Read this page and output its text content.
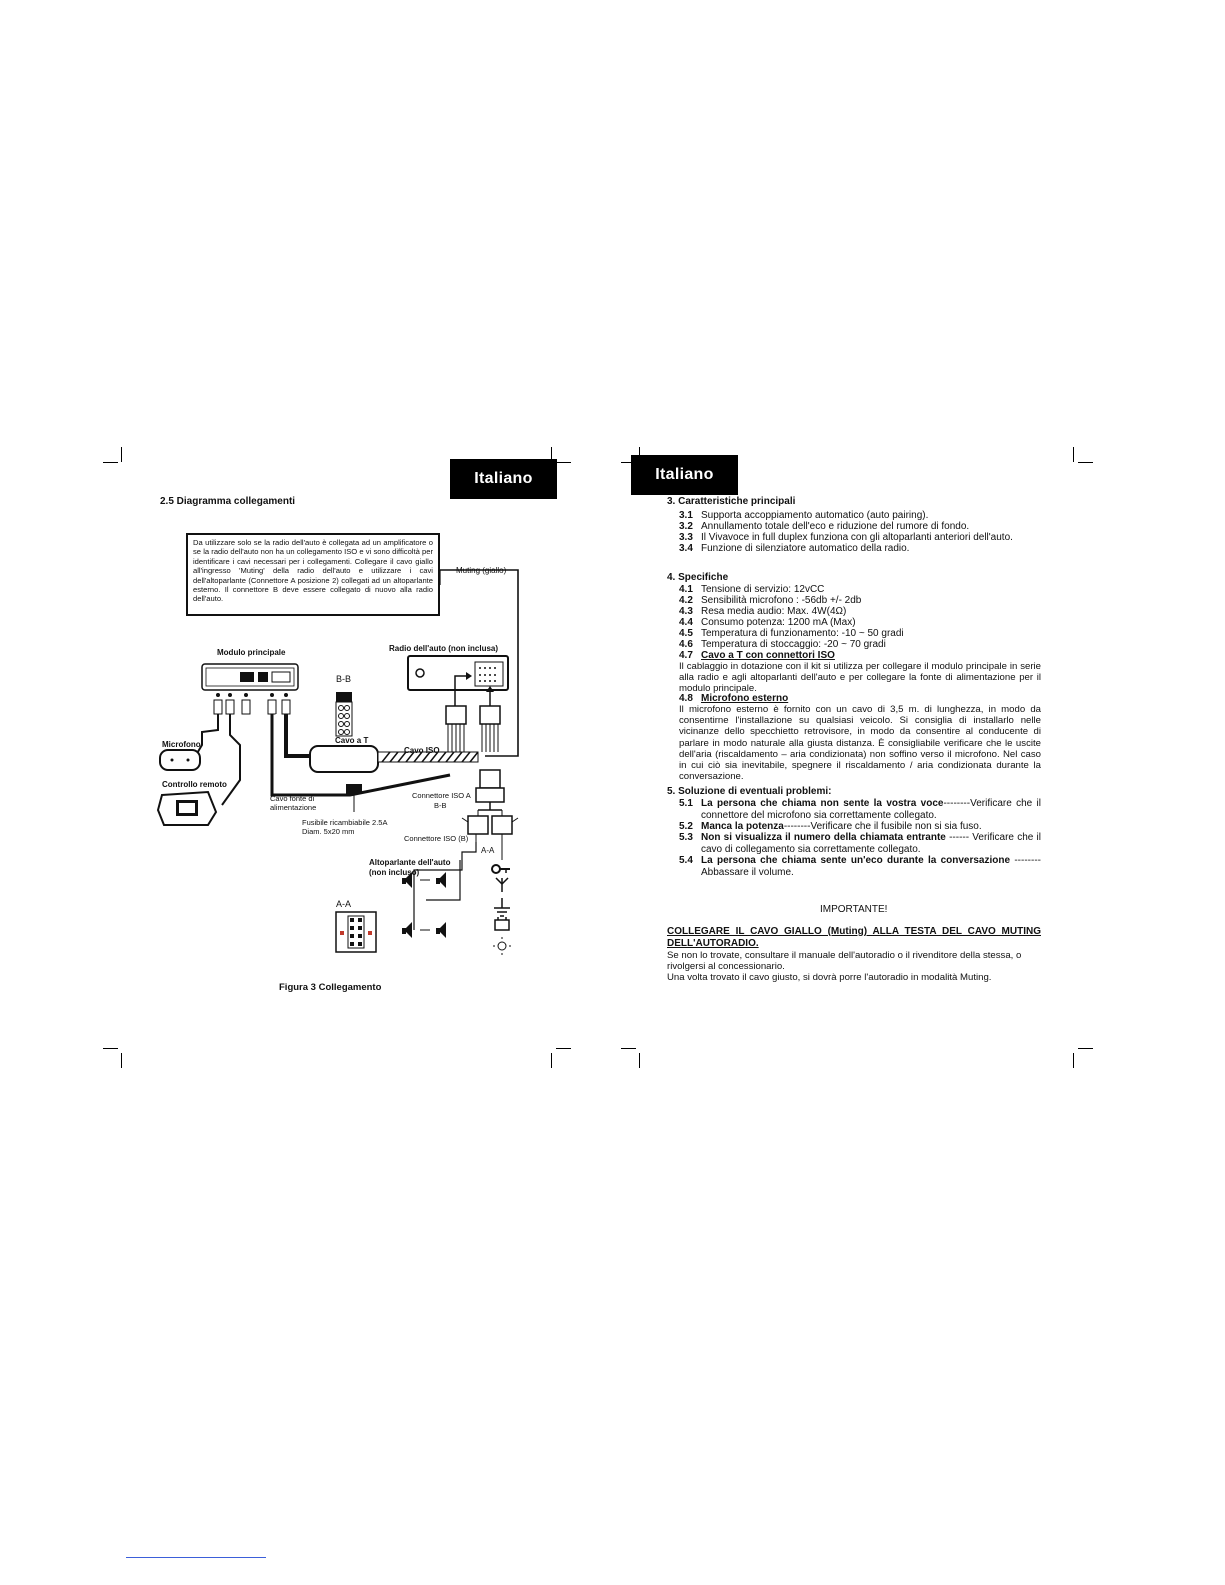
Italiano
2.5 Diagramma collegamenti
Da utilizzare solo se la radio dell'auto è collegata ad un amplificatore o se la radio dell'auto non ha un collegamento ISO e vi sono difficoltà per identificare i cavi necessari per i collegamenti. Collegare il cavo giallo all'ingresso 'Muting' della radio dell'auto e utilizzare i cavi dell'altoparlante (Connettore A posizione 2) collegati ad un altoparlante esterno. Il connettore B deve essere collegato di nuovo alla radio dell'auto.
Muting (giallo)
Modulo principale	Radio dell'auto (non inclusa)
B-B
Microfono	Cavo a T
Cavo ISO
Controllo remoto
Cavo fonte di
alimentazione
Connettore ISO A
B-B
Fusibile ricambiabile 2.5A
Diam. 5x20 mm
Connettore ISO (B)
A-A
Altoparlante dell'auto
(non incluso)
A-A
Figura 3 Collegamento
Italiano
3. Caratteristiche principali
3.1 Supporta accoppiamento automatico (auto pairing).
3.2 Annullamento totale dell'eco e riduzione del rumore di fondo.
3.3 Il Vivavoce in full duplex funziona con gli altoparlanti anteriori dell'auto.
3.4 Funzione di silenziatore automatico della radio.
4. Specifiche
4.1 Tensione di servizio: 12vCC
4.2 Sensibilità microfono : -56db +/- 2db
4.3 Resa media audio: Max. 4W(4Ω)
4.4 Consumo potenza: 1200 mA (Max)
4.5 Temperatura di funzionamento: -10 ~ 50 gradi
4.6 Temperatura di stoccaggio: -20 ~ 70 gradi
4.7 Cavo a T con connettori ISO
Il cablaggio in dotazione con il kit si utilizza per collegare il modulo principale in serie alla radio e agli altoparlanti dell'auto e per collegare la fonte di alimentazione per il modulo principale.
4.8 Microfono esterno
Il microfono esterno è fornito con un cavo di 3,5 m. di lunghezza, in modo da consentirne l'installazione su qualsiasi veicolo. Si consiglia di installarlo nelle vicinanze dello specchietto retrovisore, in modo da consentire al conducente di parlare in modo naturale alla giusta distanza. È consigliabile verificare che le uscite dell'aria (riscaldamento – aria condizionata) non soffino verso il microfono. Nel caso in cui ciò sia inevitabile, spegnere il riscaldamento / aria condizionata durante la conversazione.
5. Soluzione di eventuali problemi:
5.1 La persona che chiama non sente la vostra voce--------Verificare che il connettore del microfono sia correttamente collegato.
5.2 Manca la potenza--------Verificare che il fusibile non si sia fuso.
5.3 Non si visualizza il numero della chiamata entrante ------ Verificare che il cavo di collegamento sia correttamente collegato.
5.4 La persona che chiama sente un'eco durante la conversazione -------- Abbassare il volume.
IMPORTANTE!
COLLEGARE IL CAVO GIALLO (Muting) ALLA TESTA DEL CAVO MUTING DELL'AUTORADIO.
Se non lo trovate, consultare il manuale dell'autoradio o il rivenditore della stessa, o rivolgersi al concessionario.
Una volta trovato il cavo giusto, si dovrà porre l'autoradio in modalità Muting.
